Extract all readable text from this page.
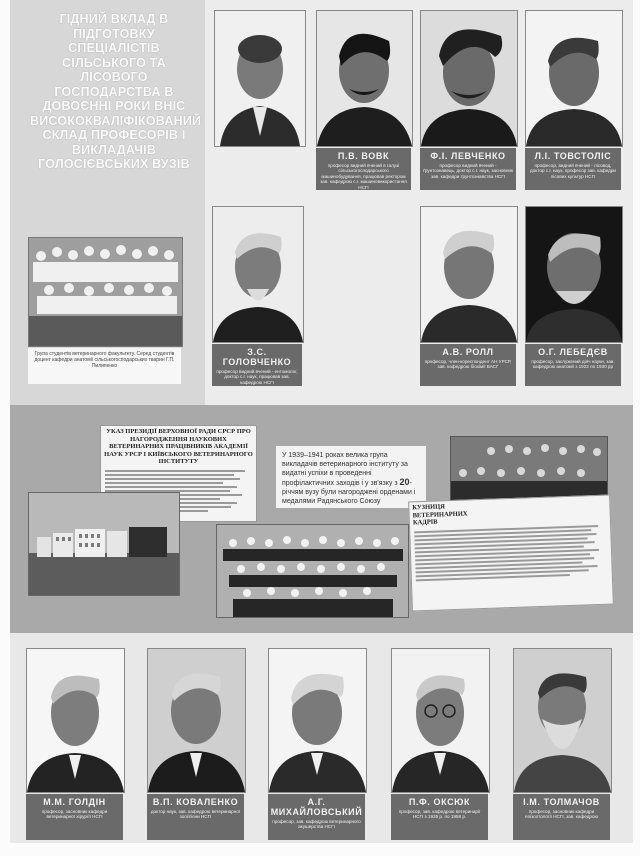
ГІДНИЙ ВКЛАД В ПІДГОТОВКУ СПЕЦІАЛІСТІВ СІЛЬСЬКОГО ТА ЛІСОВОГО ГОСПОДАРСТВА В ДОВОЄННІ РОКИ ВНІС ВИСОКОКВАЛІФІКОВАНИЙ СКЛАД ПРОФЕСОРІВ І ВИКЛАДАЧІВ ГОЛОСІЄВСЬКИХ ВУЗІВ
П.В. ВОВК
професор видний вчений в галузі сільськогосподарського машинобудування, працював ректором зав. кафедрою с.г. машиновикористання НСГІ
Ф.І. ЛЕВЧЕНКО
професор видний вчений - ґрунтознавець, доктор с.г. наук, засновник зав. кафедри ґрунтознавства НСГІ
Л.І. ТОВСТОЛІС
професор, видний вчений - лісовод, доктор с.г. наук, професор зав. кафедри лісових культур НСГІ
Група студентів ветеринарного факультету. Серед студентів доцент кафедри анатомії сільськогосподарських тварин Г.П. Пилипенко
З.С. ГОЛОВЧЕНКО
професор видний вчений - ентомолог, доктор с.г. наук, працював зав. кафедрою НСГІ
А.В. РОЛЛ
професор, член-кореспондент АН УРСР, зав. кафедрою біохімії ВАСГ
О.Г. ЛЕБЕДЄВ
професор, заслужений діяч науки, зав. кафедрою анатомії з 1922 по 1930 рр
УКАЗ ПРЕЗИДІЇ ВЕРХОВНОЇ РАДИ СРСР ПРО НАГОРОДЖЕННЯ НАУКОВИХ ВЕТЕРИНАРНИХ ПРАЦІВНИКІВ АКАДЕМІЇ НАУК УРСР І КИЇВСЬКОГО ВЕТЕРИНАРНОГО ІНСТИТУТУ
У 1939–1941 роках велика група викладачів ветеринарного інституту за видатні успіхи в проведенні профілактичних заходів і у зв'язку з 20-річчям вузу були нагороджені орденами і медалями Радянського Союзу
КУЗНИЦЯ ВЕТЕРИНАРНИХ КАДРІВ
М.М. ГОЛДІН
професор, засновник кафедри ветеринарної хірургії НСГІ
В.П. КОВАЛЕНКО
доктор наук, зав. кафедрою ветеринарної зоогігієни НСГІ
А.Г. МИХАЙЛОВСЬКИЙ
професор, зав. кафедрою ветеринарного акушерства НСГІ
П.Ф. ОКСЮК
професор, зав. кафедрою ветеринарії НСГІ з 1935 р. по 1958 р.
І.М. ТОЛМАЧОВ
професор, засновник кафедри епізоотології НСГІ, зав. кафедрою
